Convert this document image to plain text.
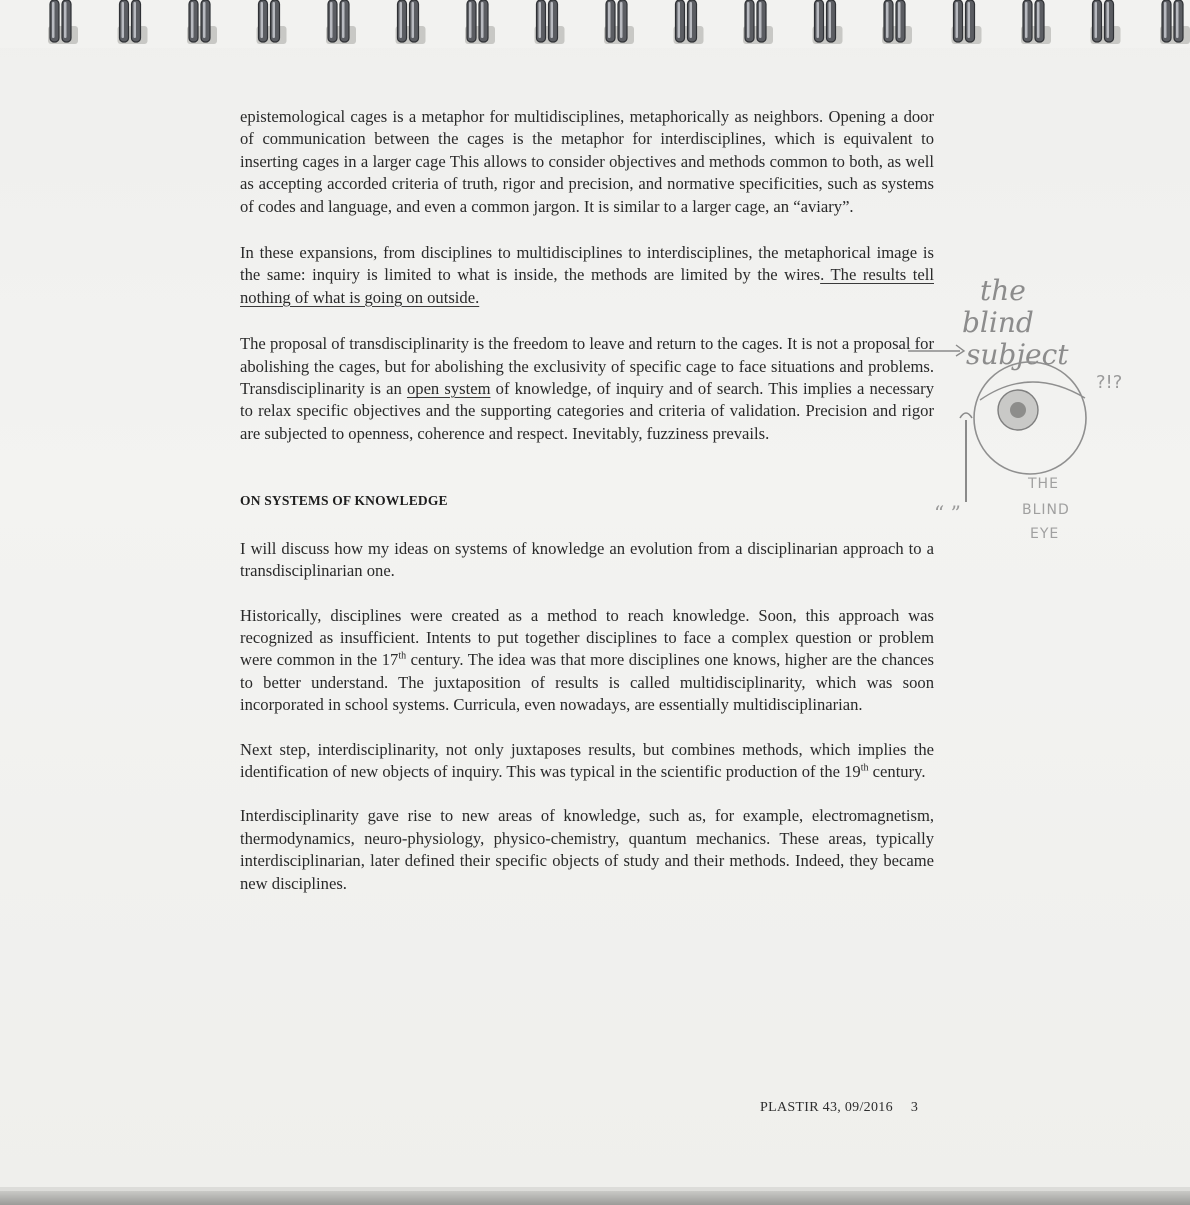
epistemological cages is a metaphor for multidisciplines, metaphorically as neighbors. Opening a door of communication between the cages is the metaphor for interdisciplines, which is equivalent to inserting cages in a larger cage This allows to consider objectives and methods common to both, as well as accepting accorded criteria of truth, rigor and precision, and normative specificities, such as systems of codes and language, and even a common jargon. It is similar to a larger cage, an “aviary”.

In these expansions, from disciplines to multidisciplines to interdisciplines, the metaphorical image is the same: inquiry is limited to what is inside, the methods are limited by the wires. The results tell nothing of what is going on outside.

The proposal of transdisciplinarity is the freedom to leave and return to the cages. It is not a proposal for abolishing the cages, but for abolishing the exclusivity of specific cage to face situations and problems. Transdisciplinarity is an open system of knowledge, of inquiry and of search. This implies a necessary to relax specific objectives and the supporting categories and criteria of validation. Precision and rigor are subjected to openness, coherence and respect. Inevitably, fuzziness prevails.

ON SYSTEMS OF KNOWLEDGE

I will discuss how my ideas on systems of knowledge an evolution from a disciplinarian approach to a transdisciplinarian one.

Historically, disciplines were created as a method to reach knowledge. Soon, this approach was recognized as insufficient. Intents to put together disciplines to face a complex question or problem were common in the 17th century. The idea was that more disciplines one knows, higher are the chances to better understand. The juxtaposition of results is called multidisciplinarity, which was soon incorporated in school systems. Curricula, even nowadays, are essentially multidisciplinarian.

Next step, interdisciplinarity, not only juxtaposes results, but combines methods, which implies the identification of new objects of inquiry. This was typical in the scientific production of the 19th century.

Interdisciplinarity gave rise to new areas of knowledge, such as, for example, electromagnetism, thermodynamics, neuro-physiology, physico-chemistry, quantum mechanics. These areas, typically interdisciplinarian, later defined their specific objects of study and their methods. Indeed, they became new disciplines.

the
blind
subject
?!?
“ ”
THE
BLIND
EYE
PLASTIR 43, 09/2016 3
